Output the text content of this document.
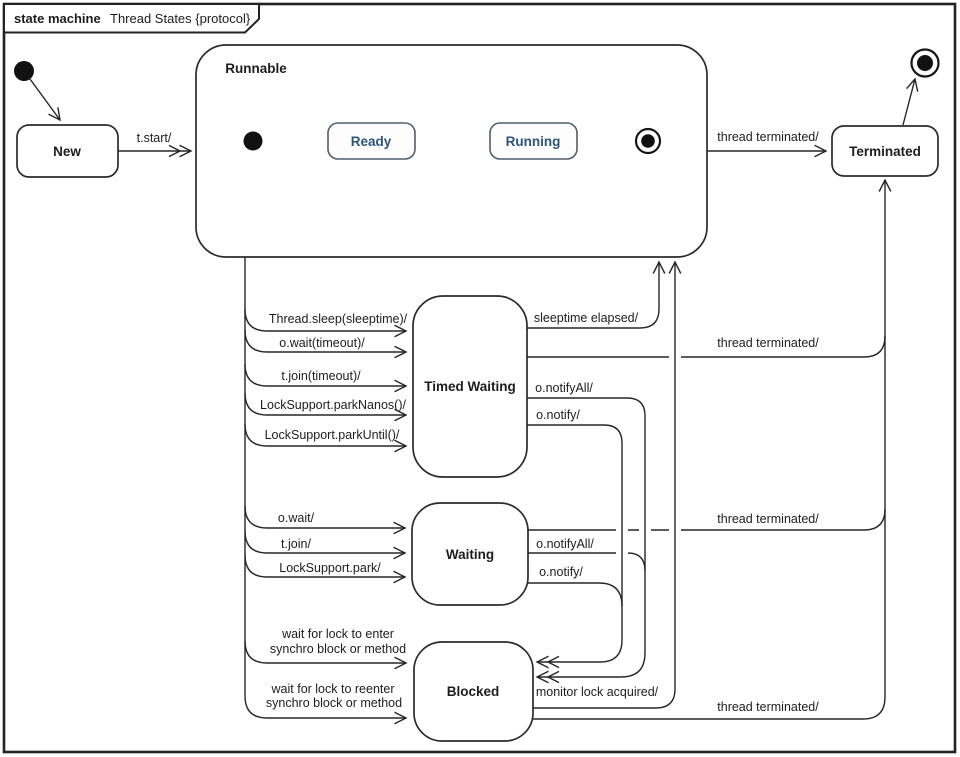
state machine Thread States {protocol}
t.start/	thread terminated/
Thread.sleep(sleeptime)/
o.wait(timeout)/
t.join(timeout)/
LockSupport.parkNanos()/
LockSupport.parkUntil()/
sleeptime elapsed/
o.notifyAll/
o.notify/
thread terminated/
o.wait/
t.join/
LockSupport.park/
o.notifyAll/
o.notify/
thread terminated/
wait for lock to enter
synchro block or method
wait for lock to reenter
synchro block or method
monitor lock acquired/
thread terminated/
New
Runnable
Ready	Running
Timed Waiting
Waiting
Blocked
Terminated
